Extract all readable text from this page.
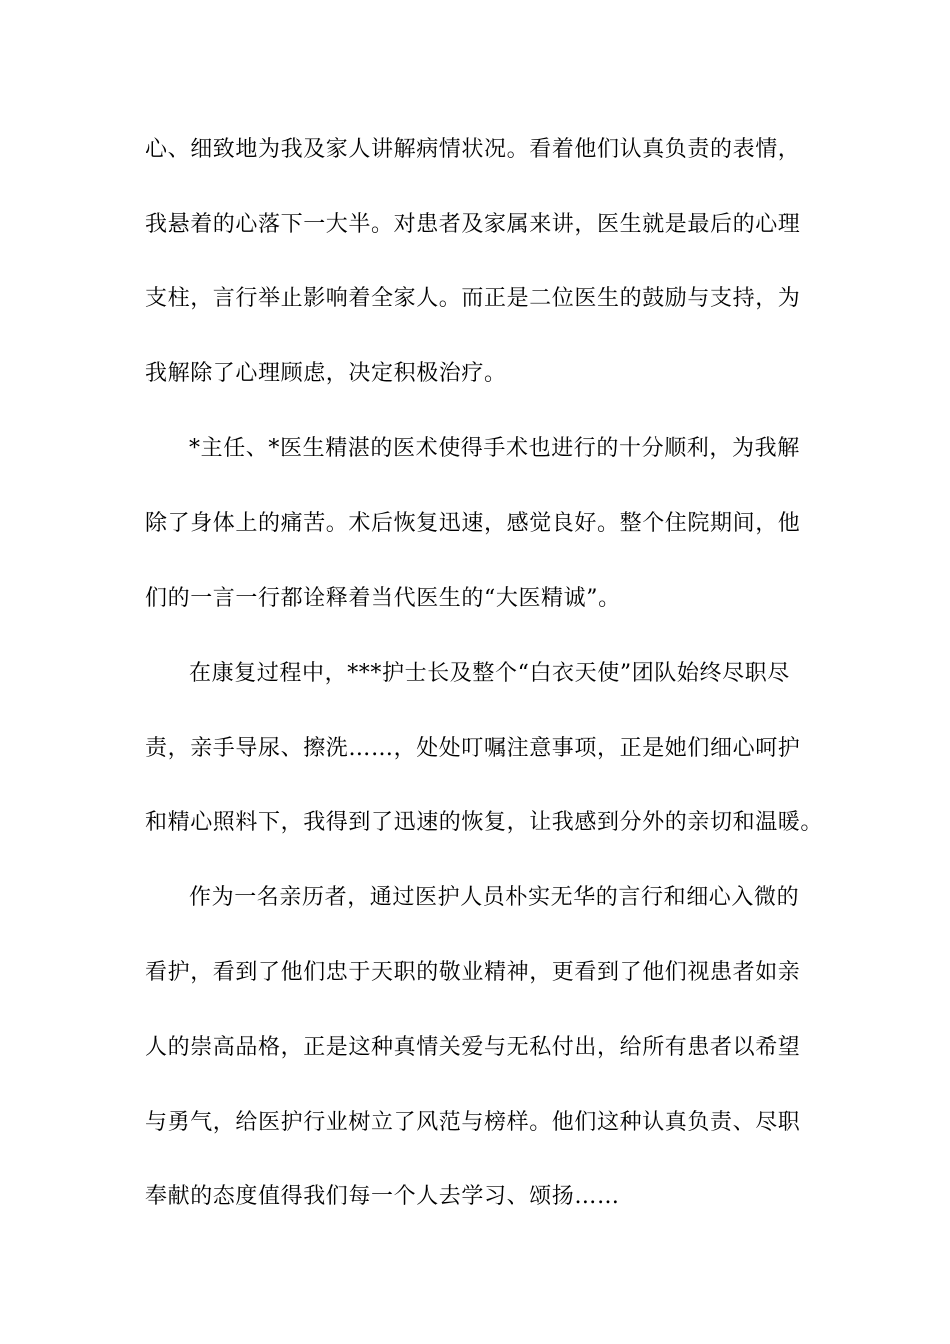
心、细致地为我及家人讲解病情状况。看着他们认真负责的表情，
我悬着的心落下一大半。对患者及家属来讲，医生就是最后的心理
支柱，言行举止影响着全家人。而正是二位医生的鼓励与支持，为
我解除了心理顾虑，决定积极治疗。
*主任、*医生精湛的医术使得手术也进行的十分顺利，为我解
除了身体上的痛苦。术后恢复迅速，感觉良好。整个住院期间，他
们的一言一行都诠释着当代医生的“大医精诚”。
在康复过程中，***护士长及整个“白衣天使”团队始终尽职尽
责，亲手导尿、擦洗……，处处叮嘱注意事项，正是她们细心呵护
和精心照料下，我得到了迅速的恢复，让我感到分外的亲切和温暖。
作为一名亲历者，通过医护人员朴实无华的言行和细心入微的
看护，看到了他们忠于天职的敬业精神，更看到了他们视患者如亲
人的崇高品格，正是这种真情关爱与无私付出，给所有患者以希望
与勇气，给医护行业树立了风范与榜样。他们这种认真负责、尽职
奉献的态度值得我们每一个人去学习、颂扬……
